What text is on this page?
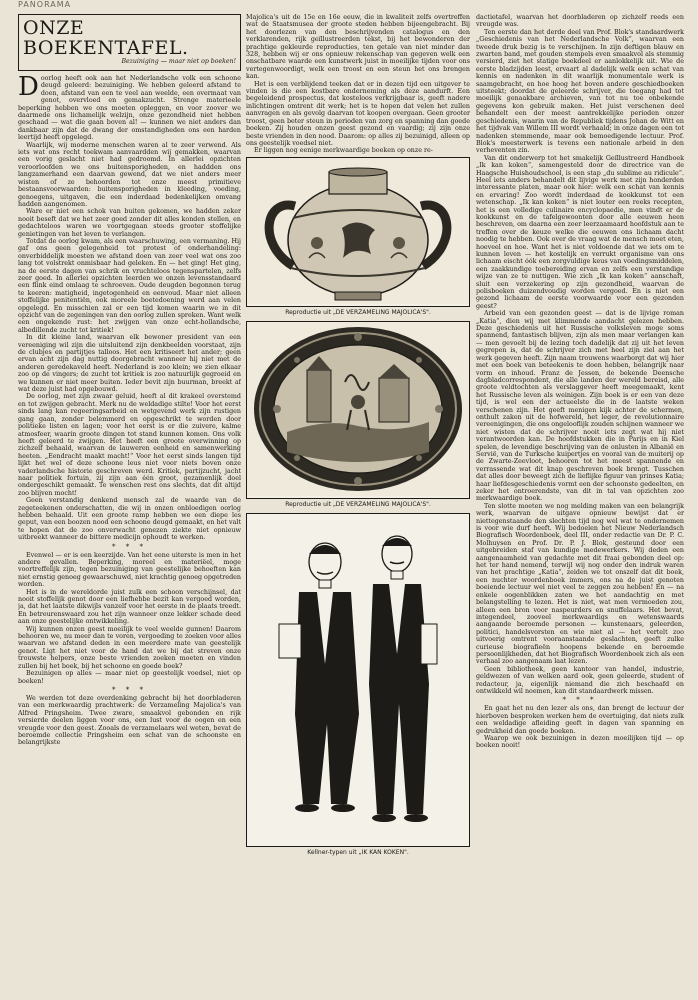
PANORAMA
ONZE BOEKENTAFEL.
Bezuiniging — maar niet op boeken!

Doorlog heeft ook aan het Nederlandsche volk een schoone deugd geleerd: bezuiniging. We hebben geleerd afstand te doen, afstand van een te veel aan weelde, een overmaat van genot, overvloed en gemakzucht. Strenge materieele beperking hebben we ons moeten opleggen, en voor zoover we daarmede ons lichamelijk welzijn, onze gezondheid niet hebben geschaad — wat die gaan boven al! — kunnen we niet anders dan dankbaar zijn dat de dwang der omstandigheden ons een harden leertijd heeft opgelegd.

Waarlijk, wij moderne menschen waren al te zeer verwend. Als iets wat ons recht toekwam aanvaardden wij gemakken, waarvan een vorig geslacht niet had gedroomd. In allerlei opzichten veroorloofden we ons buitensporigheden, en haddden ons langzamerhand een daarvan gewend, dat we niet anders meer wisten of ze behoorden tot onze meest primitieve bestaansvoorwaarden: buitensporigheden in kleeding, voeding, genoegens, uitgaven, die een inderdaad bedenkelijken omvang hadden aangenomen.

Ware er niet een schok van buiten gekomen, we hadden zeker nooit beseft dat we het zeer goed zonder dit alles konden stellen, en gedachteloos waren we voortgegaan steeds grooter stoffelijke genietingen van het leven te verlangen.

Totdat de oorlog kwam, als een waarschuwing, een vermaning. Hij gaf ons geen gelegenheid tot protest of onderhandeling: onverbiddelijk moesten we afstand doen van zeer veel wat ons zoo lang tot volstrekt onmisbaar had geleken. En — het ging! Het ging, na de eerste dagen van schrik en vruchteloos tegenspartelen, zelfs zeer goed. In allerlei opzichten leerden we onzen levensstandaard een flink eind omlaag te schroeven. Oude deugden begonnen terug te keeren: matigheid, ingetogenheid en eenvoud. Maar niet alleen stoffelijke penitentiën, ook moreele boetedoening werd aan velen opgelegd. En misschien zal er een tijd komen waarin we in dit opzicht van de zegeningen van den oorlog zullen spreken. Want welk een ongekende rust: het zwijgen van onze echt-hollandsche, albedillende zucht tot kritiek!

In dit kleine land, waarvan elk bewoner president van een vereeniging wil zijn die uitsluitend zijn denkbeelden voorstaat, zijn de clubjes en partijtjes talloos. Het een kritiseert het ander; geen ervan acht zijn dag nuttig doorgebracht wanneer hij niet met de anderen geredekaveld heeft. Nederland is zoo klein; we zien elkaar zoo op de vingers; de zucht tot kritiek is zoo natuurlijk gegroeid en we kunnen er niet meer buiten. Ieder bevit zijn buurman, breekt af wat deze juist had opgebouwd.

De oorlog, met zijn zwaar geluid, heeft al dit krakeel overstemd en tot zwijgen gebracht. Merk nu de weldadige stilte! Voor het eerst sinds lang kan regeeringsarbeid en wetgevend werk zijn rustigen gang gaan, zonder belemmerd en opgeschrikt te worden door politieke listen en lagen; voor het eerst is er die zuivere, kalme atmosfeer, waarin groote dingen tot stand kunnen komen. Ons volk heeft geleerd te zwijgen. Het heeft een groote overwinning op zichzelf behaald, waarvan de lauweren eenheid en samenwerking heeten. „Eendracht maakt macht!“ Voor het eerst sinds langen tijd lijkt het wel of deze schoone leus niet voor niets boven onze vaderlandsche historie geschreven werd. Kritiek, partijzucht, jacht naar politiek fortuin, zij zijn aan één groot, gezamenlijk doel ondergeschikt gemaakt. Te wenschen rest ons slechts, dat dit altijd zoo blijven mocht!

Geen verstandig denkend mensch zal de waarde van de zegeteekenen onderschatten, die wij in onzen onbloedigen oorlog hebben behaald. Uit een groote ramp hebben we een diepe les geput, van een boozen nood een schoone deugd gemaakt, en het valt te hopen dat de zoo onverwacht genezen ziekte niet opnieuw uitbreekt wanneer de bittere medicijn ophoudt te werken.

* * *

Evenwel — er is een keerzijde. Van het eene uiterste is men in het andere gevallen. Beperking, moreel en materiëel, moge voortreffelijk zijn, tegen bezuiniging van geestelijke behoeften kan niet ernstig genoeg gewaarschuwd, niet krachtig genoeg opgetreden worden.

Het is in de wereldorde juist zulk een schoon verschijnsel, dat nooit stoffelijk genot door een liefhebbe bezit kan vergoed worden, ja, dat het laatste dikwijls vanzelf voor het eerste in de plaats treedt. En betreurenswaard zou het zijn wanneer onze lekker schade deed aan onze geestelijke ontwikkeling.

Wij kunnen onzen geest moeilijk te veel weelde gunnen! Daarom behooren we, nu meer dan te voren, vergoeding te zoeken voor alles waarvan we afstand deden in een meerdere mate van geestelijk genot. Ligt het niet voor de hand dat we bij dat streven onze trouwste helpers, onze beste vrienden zoeken moeten en vinden zullen bij het boek, bij het schoone en goede boek?

Bezuinigen op alles — maar niet op geestelijk voedsel, niet op boeken!

* * *

We werden tot deze overdenking gebracht bij het doorbladeren van een merkwaardig prachtwerk: de Verzameling Majolica's van Alfred Pringsheim. Twee zware, smaakvol gebonden en rijk versierde deelen liggen voor ons, een lust voor de oogen en een vreugde voor den geest. Zooals de verzamelaars wel weten, bevat de beroemde collectie Pringsheim een schat van de schoonste en belangrijkste

Majolica's uit de 15e en 16e eeuw, die in kwaliteit zelfs overtreffen wat de Staatsmusea der groote steden hebben bijeengebracht. Bij het doorlezen van den beschrijvenden catalogus en den verklarenden, rijk geïllustreerden tekst, bij het bewonderen der prachtige gekleurde reproducties, ten getale van niet minder dan 328, hebben wij er ons opnieuw rekenschap van gegeven welk een onschatbare waarde een kunstwerk juist in moeilijke tijden voor ons vertegenwoordigt, welk een troost en een steun het ons brengen kan.

Het is een verblijdend teeken dat er in dezen tijd een uitgever te vinden is die een kostbare onderneming als deze aandurft. Een begeleidend prospectus, dat kosteloos verkrijgbaar is, geeft nadere inlichtingen omtrent dit werk; het is te hopen dat velen het zullen aanvragen en als gevolg daarvan tot koopen overgaan. Geen grooter troost, geen beter steun in perioden van zorg en spanning dan goede boeken. Zij houden onzen geest gezond en vaardig; zij zijn onze beste vrienden in den nood. Daarom: op alles zij bezuinigd, alleen op ons geestelijk voedsel niet.

Er liggen nog eenige merkwaardige boeken op onze re-

Reproductie uit „DE VERZAMELING MAJOLICA'S".
Reproductie uit „DE VERZAMELING MAJOLICA'S".
Kellner-typen uit „IK KAN KOKEN".

dactietafel, waarvan het doorbladeren op zichzelf reeds een vreugde was.

Ten eerste dan het derde deel van Prof. Blok's standaardwerk „Geschiedenis van het Nederlandsche Volk“, waarvan een tweede druk bezig is te verschijnen. In zijn deftigen blauw en zwarten band, met gouden stempels even smaakvol als stemmig versierd, ziet het statige boekdeel er aanlokkelijk uit. Wie de eerste bladzijden leest, ervaart al dadelijk welk een schat van kennis en nadenken in dit waarlijk monumentale werk is saamgebracht, en hoe hoog het boven andere geschiedboeken uitsteekt; doordat de geleerde schrijver, die toegang had tot moeilijk genaakbare archieven, van tot nu toe onbekende gegevens kon gebruik maken. Het juist verschenen deel behandelt een der meest aantrekkelijke perioden onzer geschiedenis, waarin van de Republiek tijdens Johan de Witt en het tijdvak van Willem III wordt verhaald; in onze dagen een tot nadenken stemmende, maar ook bemoedigende lectuur. Prof. Blok's meesterwerk is tevens een nationale arbeid in den verheventen zin.

Van dit onderwerp tot het smakelijk Geïllustreerd Handboek „Ik kan koken“, samengesteld door de directrice van de Haagsche Huishoudschool, is een stap „du sublime au ridicule“. Heel iets anders behandelt dit lijvige werk met zijn honderden interessante platen, maar ook hier: welk een schat van kennis en ervaring! Zoo wordt inderdaad de kookkunst tot een wetenschap. „Ik kan koken“ is niet louter een reeks recepten, het is een volledige culinaire encyclopaedie, men vindt er de kookkunst en de tafelgewoonten door alle eeuwen heen beschreven, om daarna een zeer leerzaamaard hoofdstuk aan te treffen over de keuze welke die eeuwen ons lichaam dacht noodig te hebben. Ook over de vraag wat de mensch moet eten, hoeveel en hoe. Want het is niet voldoende dat we iets om te kunnen leven — het kostelijk en verrukt organisme van ons lichaam eischt óók een zorgvuldige keus van voedingsmiddelen, een zaakkundige toebereiding ervan en zelfs een verstandige wijze van ze te nuttigen. Wie zich „Ik kan koken“ aanschaft, sluit een verzekering op zijn gezondheid, waarvan de polisboeken duizendvoudig worden vergoed. En is niet een gezond lichaam de eerste voorwaarde voor een gezonden geest?

Arbeid van een gezonden geest — dat is de lijvige roman „Katia“, dien wij met klimmende aandacht gelezen hebben. Deze geschiedenis uit het Russische volksleven moge soms spannend, fantastisch blijven, zijn als men maar verlangen kan — men gevoelt bij de lezing toch dadelijk dat zij uit het leven gegrepen is, dat de schrijver zich met heel zijn ziel aan het werk gegeven heeft. Zijn naam trouwens waarborgt dat wij hier met een boek van beteekenis te doen hebben, belangrijk naar vorm en inhoud. Franz de Jessen, de bekende Deensche dagbladcorrespondent, die alle landen der wereld bereisd, alle groote veldtochten als verslaggever heeft meegemaakt, kent het Russische leven als weinigen. Zijn boek is er een van deze tijd, is wel een der actueelste die in de laatste weken verschenen zijn. Het geeft menigen kijk achter de schermen, onthult zaken uit de hofwereld, het leger, de revolutionnaire vereenigingen, die ons ongelooflijk zouden schijnen wanneer we niet wisten dat de schrijver nooit iets zegt wat hij niet verantwoorden kan. De hoofdstukken die in Parijs en in Kiel spelen, de levendige beschrijving van de onlusten in Albanië en Servië, van de Turksche kuipertjes en vooral van de muiterij op de Zwarte-Zeevloot, behooren tot het meest spannende en verrassende wat dit knap geschreven boek brengt. Tusschen dat alles door beweegt zich de lieflijke figuur van prinses Katia; haar liefdesgeschiedenis vormt een der schoonste gedeelten, en zeker het ontroerendste, van dit in tal van opzichten zoo merkwaardige boek.

Ten slotte moeten we nog melding maken van een belangrijk werk, waarvan de uitgave opnieuw bewijst dat er niettegenstaande den slechten tijd nog wel wat te ondernemen is voor wie durf heeft. Wij bedoelen het Nieuw Nederlandsch Biografisch Woordenboek, deel III, onder redactie van Dr. P. C. Molhuysen en Prof. Dr. P. J. Blok, gesteund door een uitgebreiden staf van kundige medewerkers. Wij deden een aangenaamheid van gedachte met dit fraai gebonden deel op: het ter hand nemend, terwijl wij nog onder den indruk waren van het prachtige „Katia“, zeiden we tot onszelf dat dit boek, een nuchter woordenboek immers, ons na de juist genoten boeiende lectuur wel niet veel te zeggen zou hebben! En — na enkele oogenblikken zaten we het aandachtig en met belangstelling te lezen. Het is niet, wat men vermoeden zou, alleen een bron voor naspeurders en snuffelaars. Het bevat, integendeel, zooveel merkwaardigs en wetenswaards aangaande beroemde personen — kunstenaars, geleerden, politici, handelsvorsten en wie niet al — het vertelt zoo uitvoerig omtrent vooraanstaande geslachten, geeft zulke curieuse biografieën hoopens bekende en beroemde persoonlijkheden, dat het Biografisch Woordenboek zich als een verhaal zoo aangenaam laat lezen.

Geen bibliotheek, geen kantoor van handel, industrie, geldwezen of van welken aard ook, geen geleerde, student of redacteur, ja, eigenlijk niemand die zich beschaafd en ontwikkeld wil noemen, kan dit standaardwerk missen.

* * *

En gaat het nu den lezer als ons, dan brengt de lectuur der hierboven besproken werken hem de overtuiging, dat niets zulk een weldadige afleiding geeft in dagen van spanning en gedrukheid dan goede boeken.

Waarop we ook bezuinigen in dezen moeilijken tijd — op boeken nooit!
